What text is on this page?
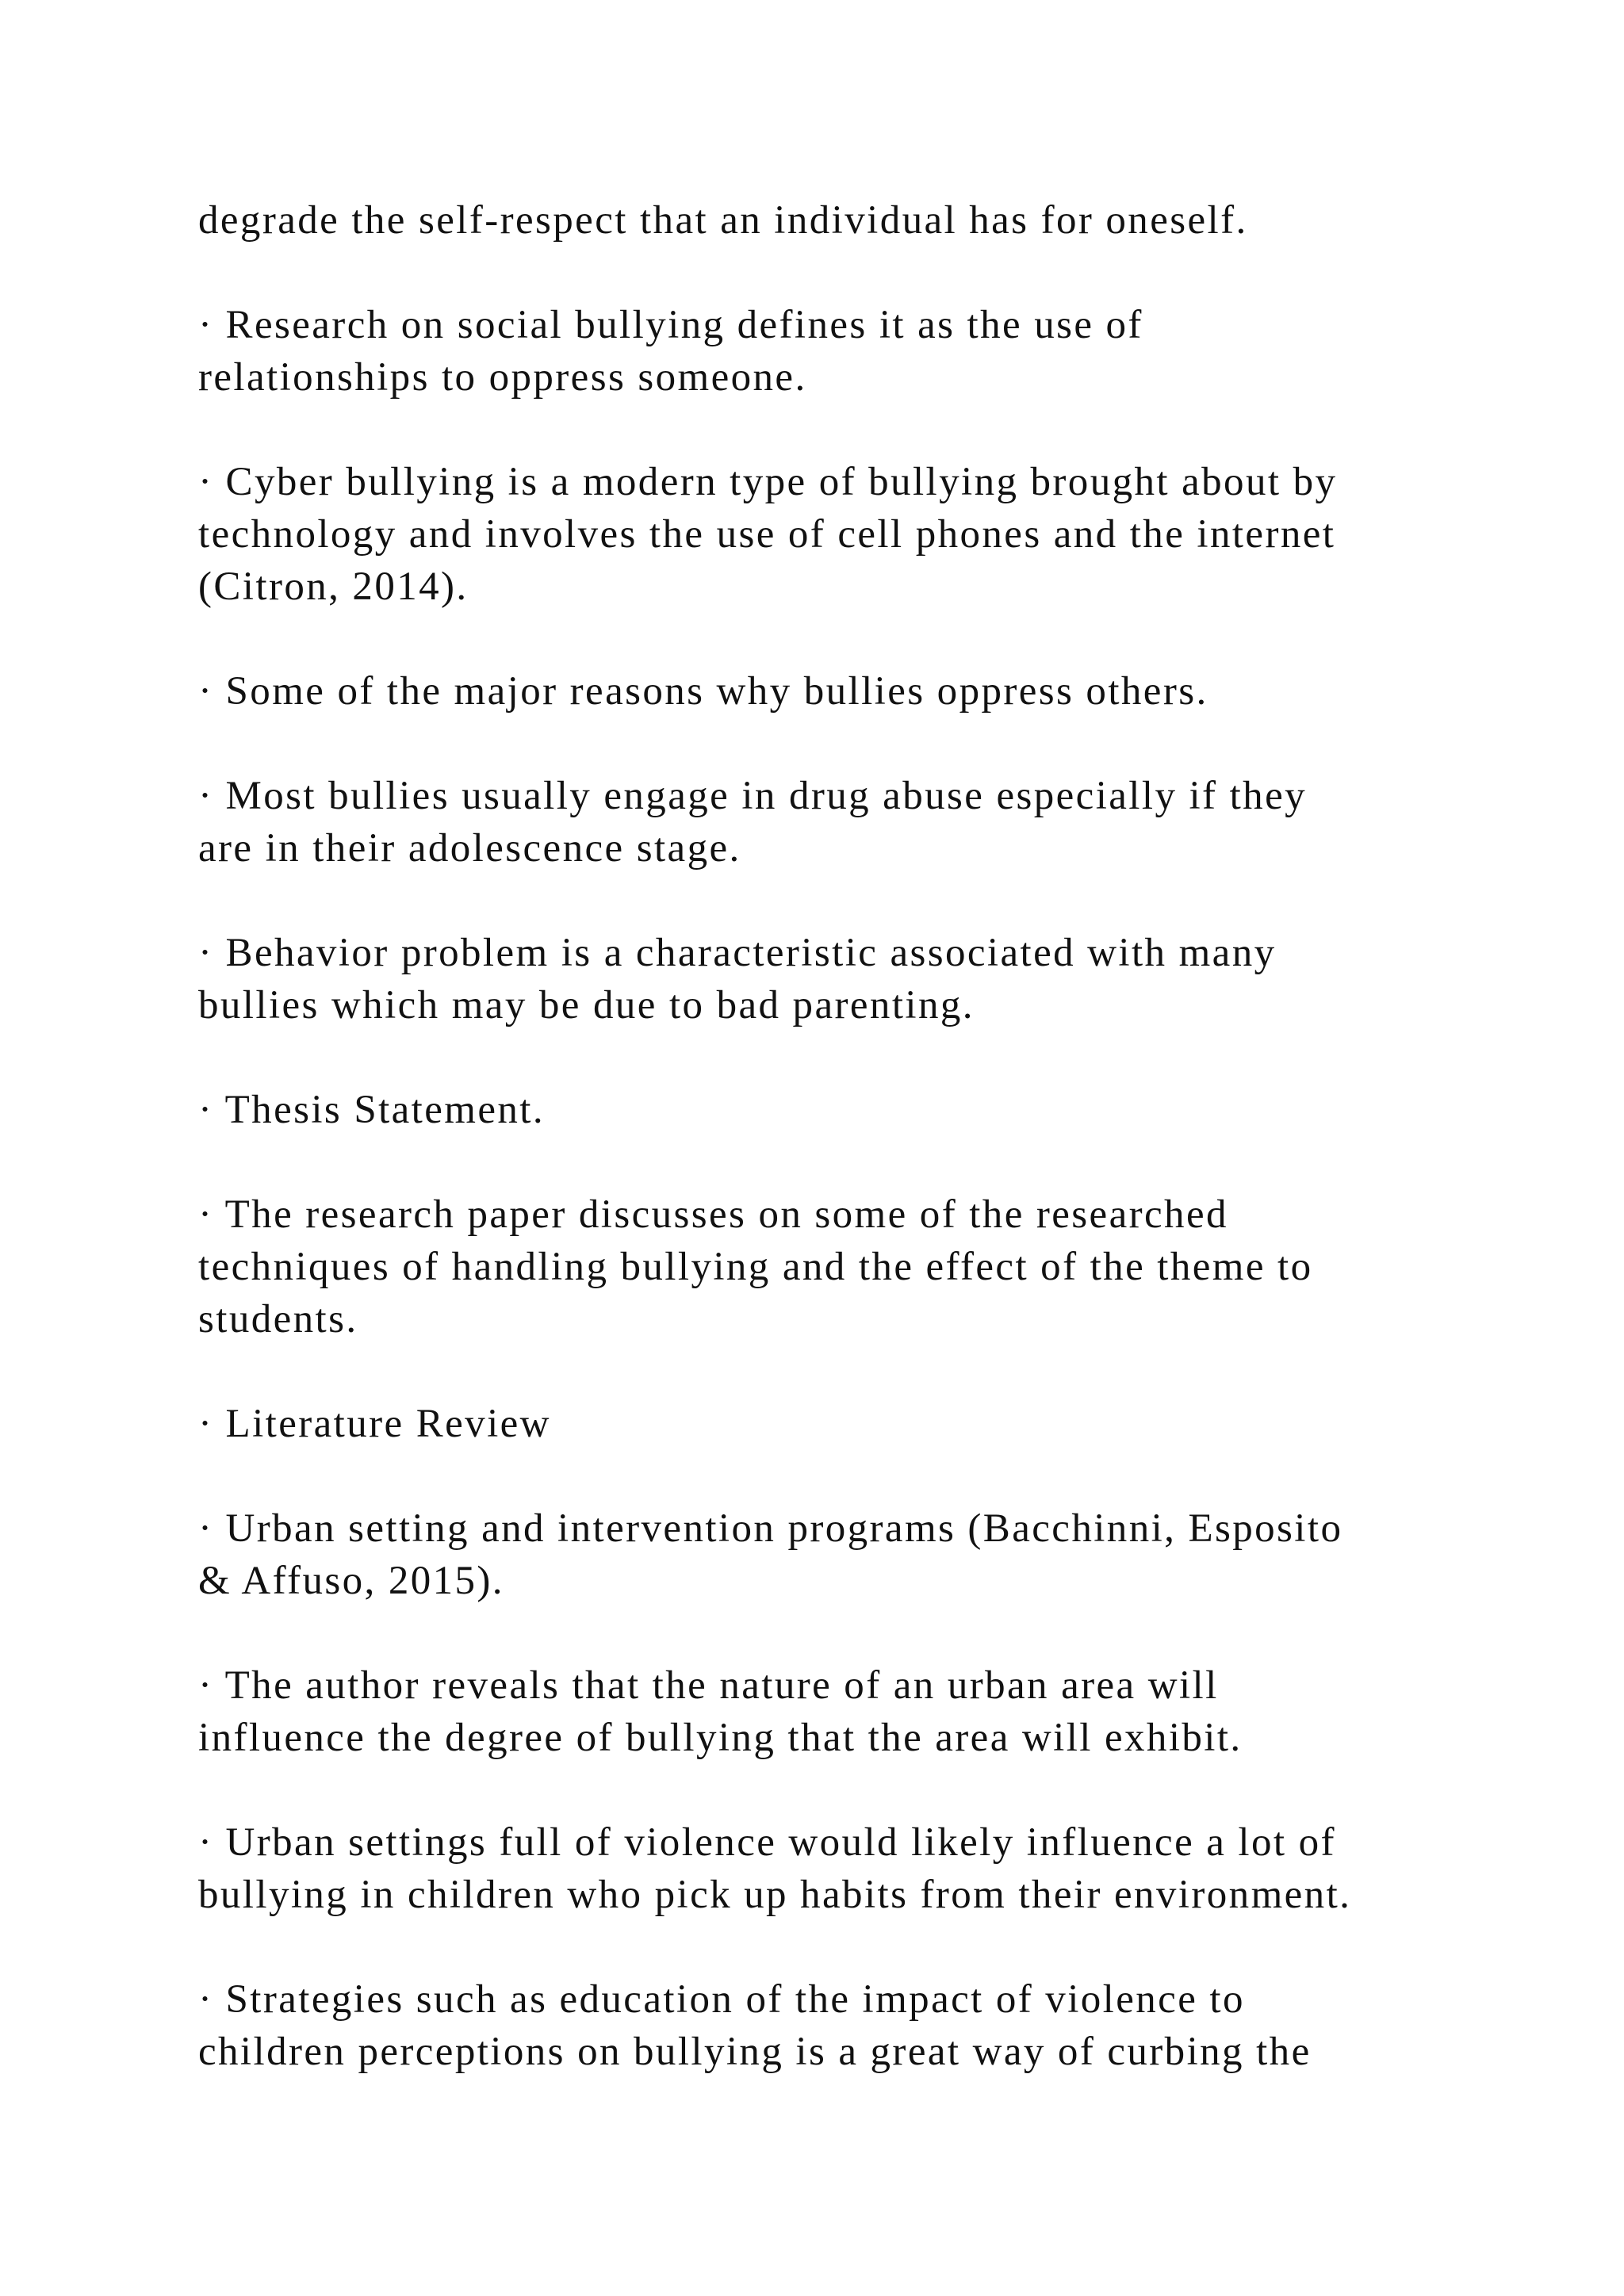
degrade the self-respect that an individual has for oneself.

· Research on social bullying defines it as the use of
relationships to oppress someone.

· Cyber bullying is a modern type of bullying brought about by
technology and involves the use of cell phones and the internet
(Citron, 2014).

· Some of the major reasons why bullies oppress others.

· Most bullies usually engage in drug abuse especially if they
are in their adolescence stage.

· Behavior problem is a characteristic associated with many
bullies which may be due to bad parenting.

· Thesis Statement.

· The research paper discusses on some of the researched
techniques of handling bullying and the effect of the theme to
students.

· Literature Review

· Urban setting and intervention programs (Bacchinni, Esposito
& Affuso, 2015).

· The author reveals that the nature of an urban area will
influence the degree of bullying that the area will exhibit.

· Urban settings full of violence would likely influence a lot of
bullying in children who pick up habits from their environment.

· Strategies such as education of the impact of violence to
children perceptions on bullying is a great way of curbing the
